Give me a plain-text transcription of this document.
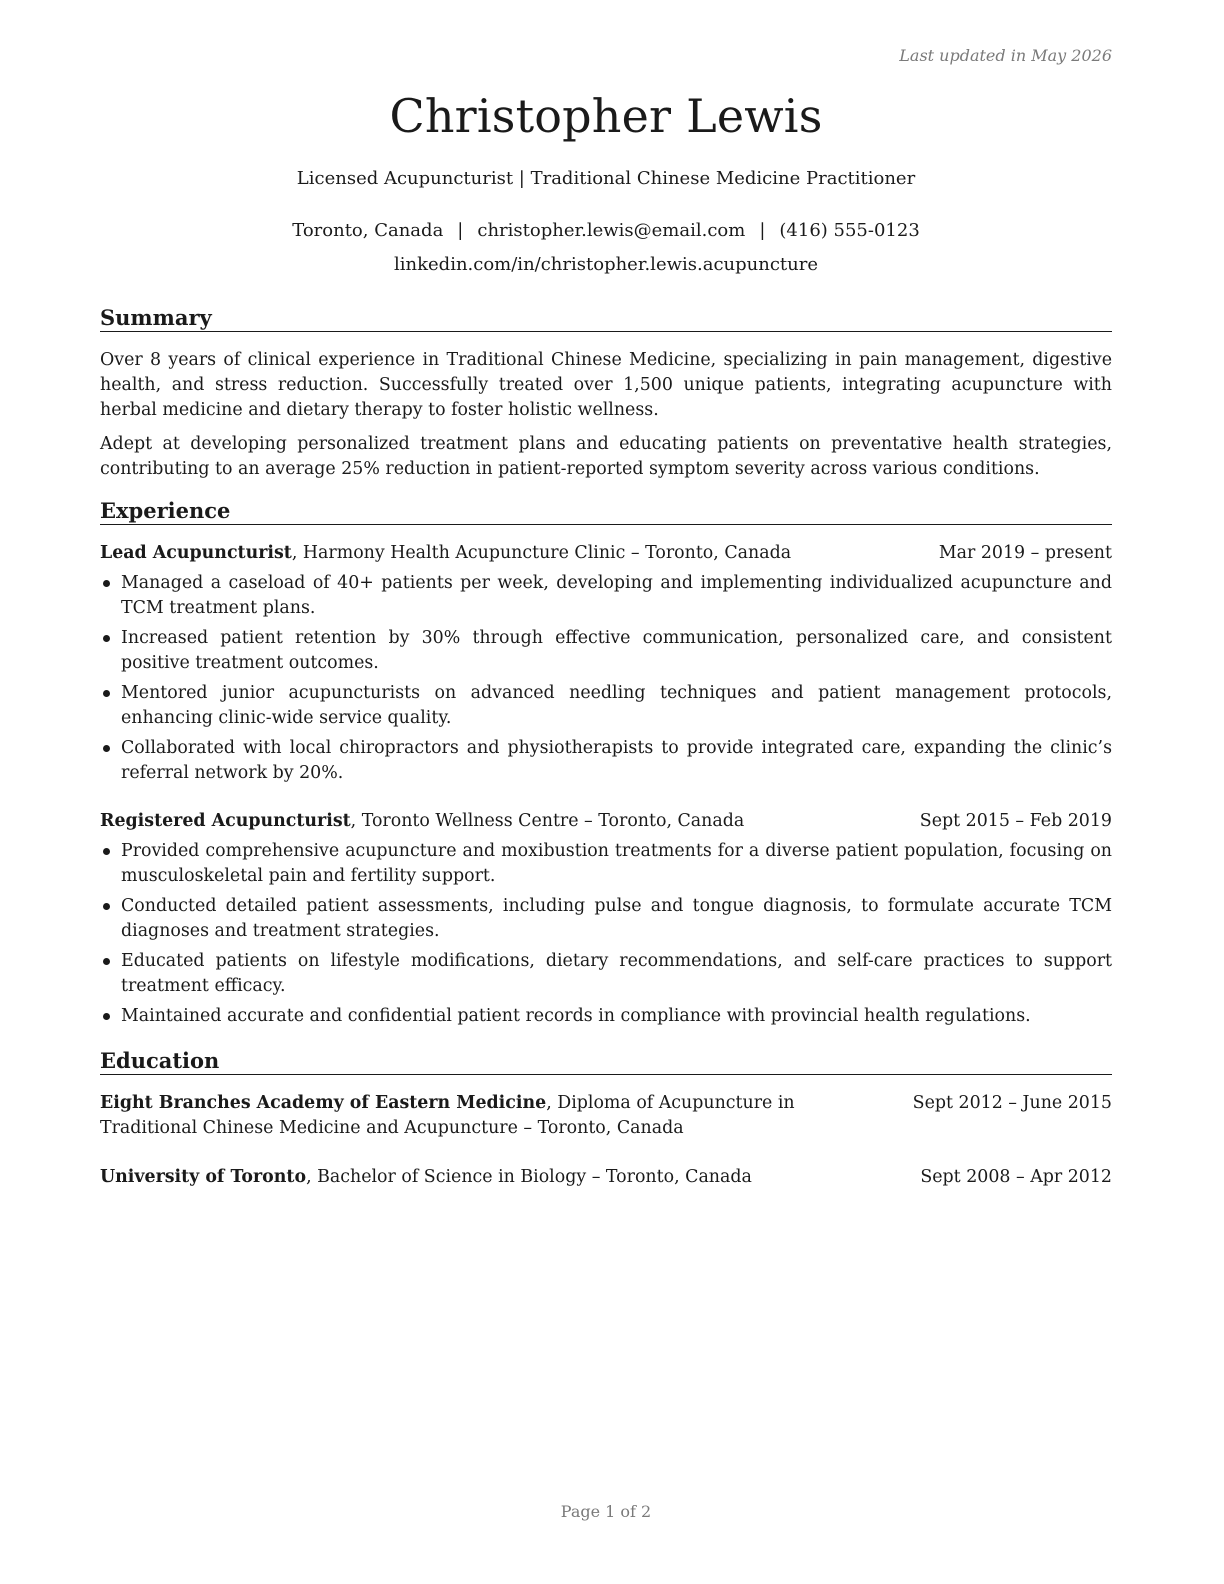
Last updated in May 2026
Christopher Lewis
Licensed Acupuncturist | Traditional Chinese Medicine Practitioner
Toronto, Canada | christopher.lewis@email.com | (416) 555-0123
linkedin.com/in/christopher.lewis.acupuncture
Summary

Over 8 years of clinical experience in Traditional Chinese Medicine, specializing in pain management, digestive health, and stress reduction. Successfully treated over 1,500 unique patients, integrating acupuncture with herbal medicine and dietary therapy to foster holistic wellness.

Adept at developing personalized treatment plans and educating patients on preventative health strategies, contributing to an average 25% reduction in patient-reported symptom severity across various conditions.

Experience
Lead Acupuncturist, Harmony Health Acupuncture Clinic – Toronto, Canada	Mar 2019 – present
Managed a caseload of 40+ patients per week, developing and implementing individualized acupuncture and TCM treatment plans.
Increased patient retention by 30% through effective communication, personalized care, and consistent positive treatment outcomes.
Mentored junior acupuncturists on advanced needling techniques and patient management protocols, enhancing clinic-wide service quality.
Collaborated with local chiropractors and physiotherapists to provide integrated care, expanding the clinic’s referral network by 20%.
Registered Acupuncturist, Toronto Wellness Centre – Toronto, Canada	Sept 2015 – Feb 2019
Provided comprehensive acupuncture and moxibustion treatments for a diverse patient population, focusing on musculoskeletal pain and fertility support.
Conducted detailed patient assessments, including pulse and tongue diagnosis, to formulate accurate TCM diagnoses and treatment strategies.
Educated patients on lifestyle modifications, dietary recommendations, and self-care practices to support treatment efficacy.
Maintained accurate and confidential patient records in compliance with provincial health regulations.
Education
Eight Branches Academy of Eastern Medicine, Diploma of Acupuncture in Traditional Chinese Medicine and Acupuncture – Toronto, Canada
Sept 2012 – June 2015
University of Toronto, Bachelor of Science in Biology – Toronto, Canada	Sept 2008 – Apr 2012
Page 1 of 2
